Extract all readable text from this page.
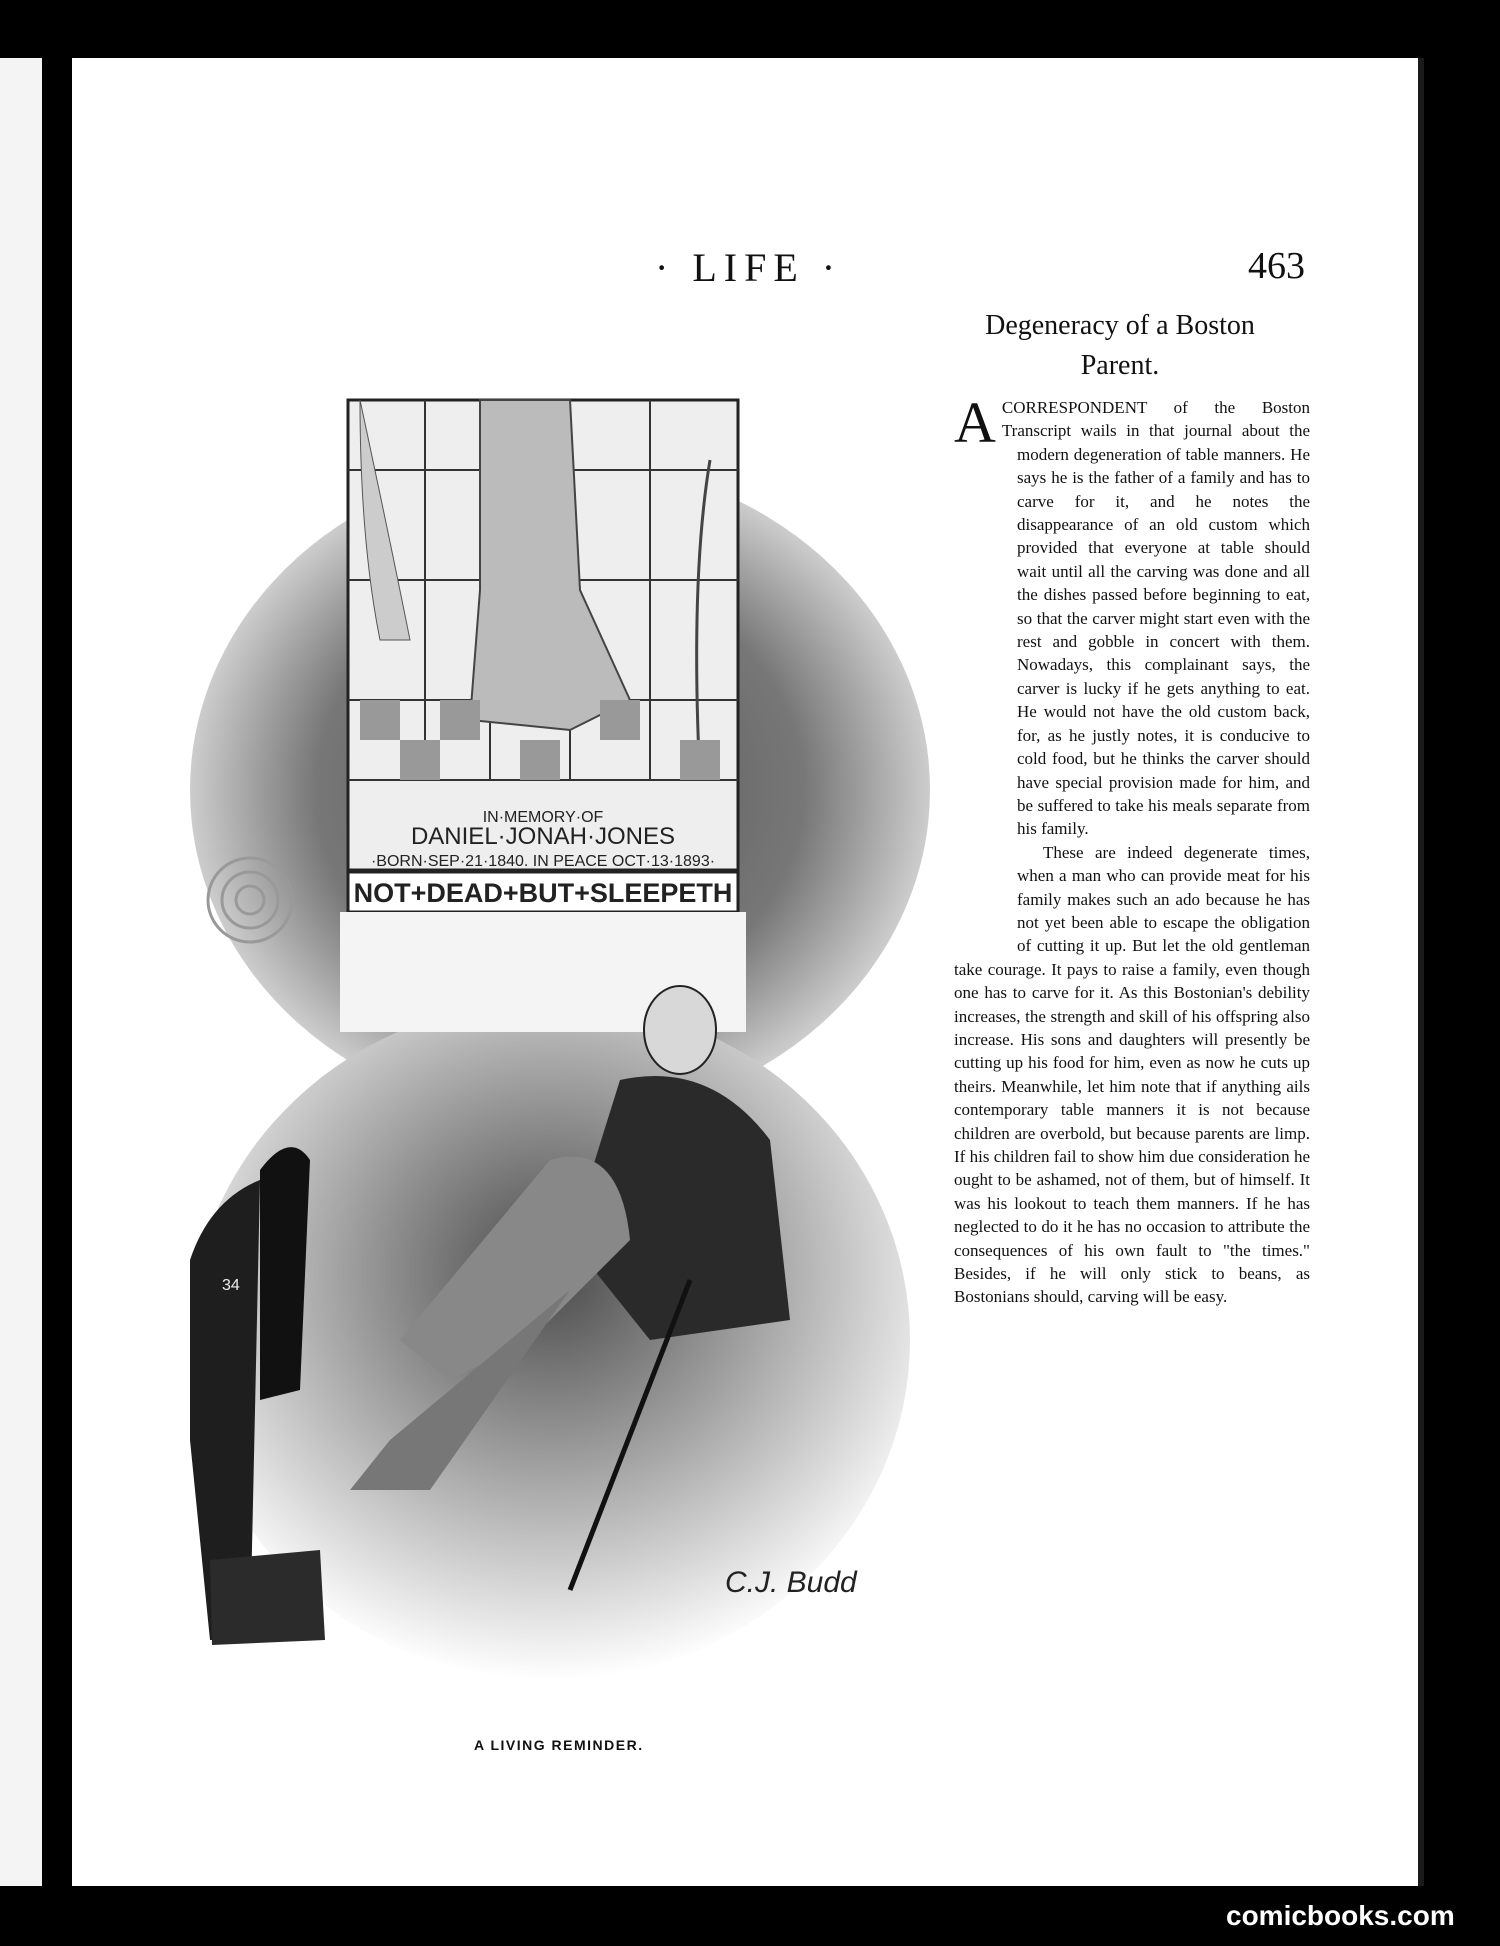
· LIFE ·	463
Degeneracy of a Boston Parent.

A CORRESPONDENT of the Boston Transcript wails in that journal about the modern degeneration of table manners. He says he is the father of a family and has to carve for it, and he notes the disappearance of an old custom which provided that everyone at table should wait until all the carving was done and all the dishes passed before beginning to eat, so that the carver might start even with the rest and gobble in concert with them. Nowadays, this complainant says, the carver is lucky if he gets anything to eat. He would not have the old custom back, for, as he justly notes, it is conducive to cold food, but he thinks the carver should have special provision made for him, and be suffered to take his meals separate from his family.

These are indeed degenerate times, when a man who can provide meat for his family makes such an ado because he has not yet been able to escape the obligation of cutting it up. But let the old gentleman take courage. It pays to raise a family, even though one has to carve for it. As this Bostonian's debility increases, the strength and skill of his offspring also increase. His sons and daughters will presently be cutting up his food for him, even as now he cuts up theirs. Meanwhile, let him note that if anything ails contemporary table manners it is not because children are overbold, but because parents are limp. If his children fail to show him due consideration he ought to be ashamed, not of them, but of himself. It was his lookout to teach them manners. If he has neglected to do it he has no occasion to attribute the consequences of his own fault to "the times." Besides, if he will only stick to beans, as Bostonians should, carving will be easy.

IN·MEMORY·OF
DANIEL·JONAH·JONES
·BORN·SEP·21·1840. IN PEACE OCT·13·1893·
NOT+DEAD+BUT+SLEEPETH
34
C.J. Budd
A LIVING REMINDER.
comicbooks.com
